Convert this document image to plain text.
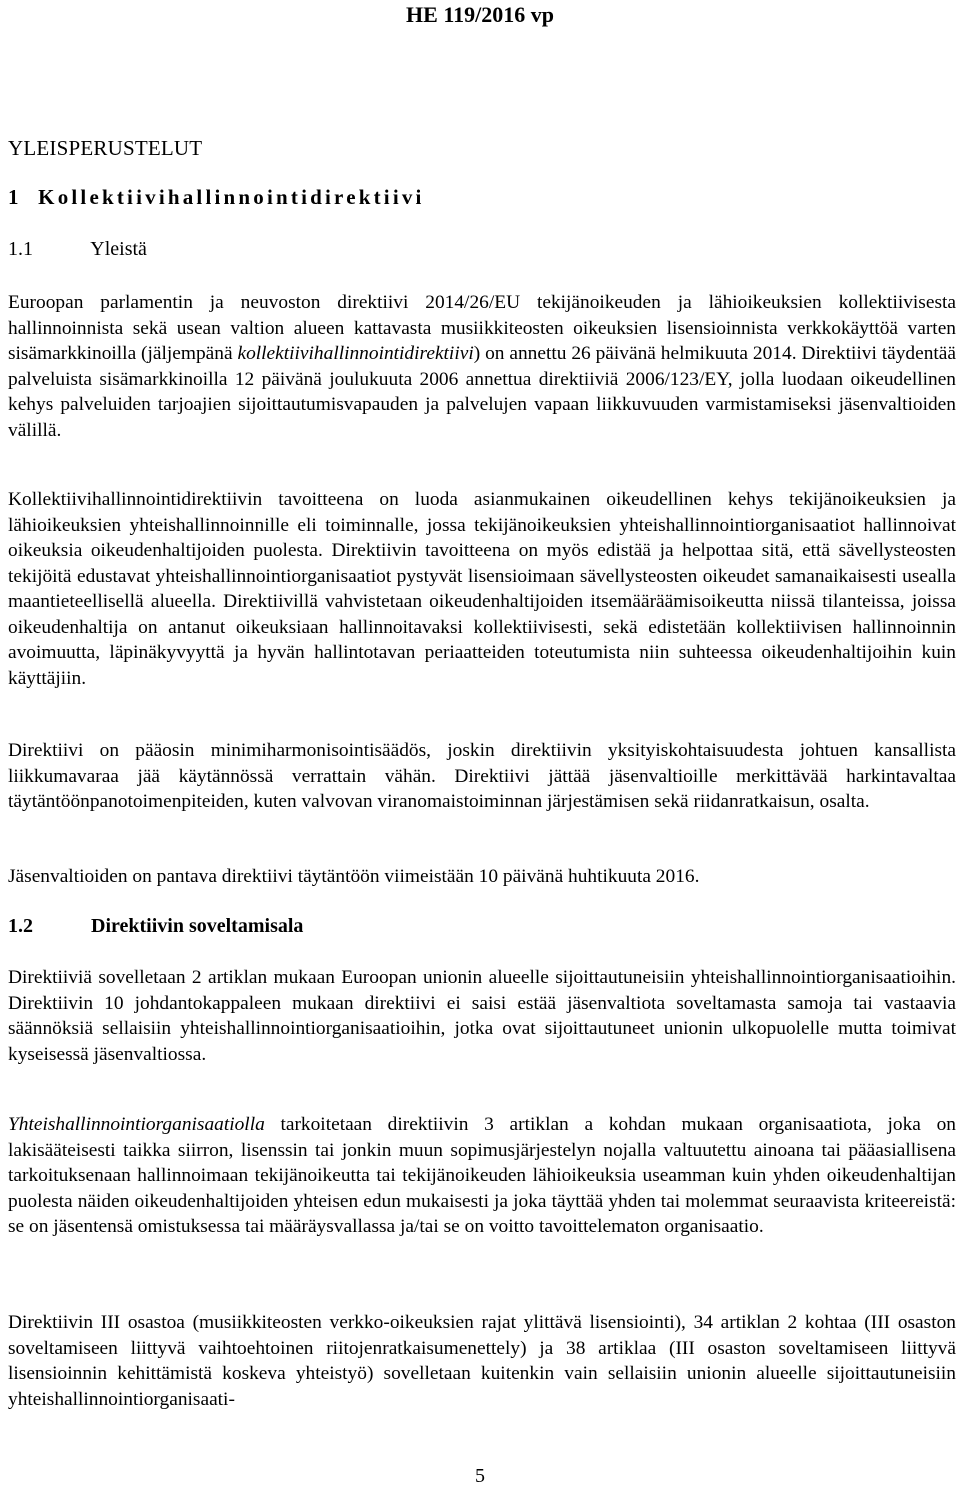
HE 119/2016 vp
YLEISPERUSTELUT
1 Kollektiivihallinnointidirektiivi
1.1	Yleistä

Euroopan parlamentin ja neuvoston direktiivi 2014/26/EU tekijänoikeuden ja lähioikeuksien kollektiivisesta hallinnoinnista sekä usean valtion alueen kattavasta musiikkiteosten oikeuksien lisensioinnista verkkokäyttöä varten sisämarkkinoilla (jäljempänä kollektiivihallinnointidirektiivi) on annettu 26 päivänä helmikuuta 2014. Direktiivi täydentää palveluista sisämarkkinoilla 12 päivänä joulukuuta 2006 annettua direktiiviä 2006/123/EY, jolla luodaan oikeudellinen kehys palveluiden tarjoajien sijoittautumisvapauden ja palvelujen vapaan liikkuvuuden varmistamiseksi jäsenvaltioiden välillä.

Kollektiivihallinnointidirektiivin tavoitteena on luoda asianmukainen oikeudellinen kehys tekijänoikeuksien ja lähioikeuksien yhteishallinnoinnille eli toiminnalle, jossa tekijänoikeuksien yhteishallinnointiorganisaatiot hallinnoivat oikeuksia oikeudenhaltijoiden puolesta. Direktiivin tavoitteena on myös edistää ja helpottaa sitä, että sävellysteosten tekijöitä edustavat yhteishallinnointiorganisaatiot pystyvät lisensioimaan sävellysteosten oikeudet samanaikaisesti usealla maantieteellisellä alueella. Direktiivillä vahvistetaan oikeudenhaltijoiden itsemääräämisoikeutta niissä tilanteissa, joissa oikeudenhaltija on antanut oikeuksiaan hallinnoitavaksi kollektiivisesti, sekä edistetään kollektiivisen hallinnoinnin avoimuutta, läpinäkyvyyttä ja hyvän hallintotavan periaatteiden toteutumista niin suhteessa oikeudenhaltijoihin kuin käyttäjiin.

Direktiivi on pääosin minimiharmonisointisäädös, joskin direktiivin yksityiskohtaisuudesta johtuen kansallista liikkumavaraa jää käytännössä verrattain vähän. Direktiivi jättää jäsenvaltioille merkittävää harkintavaltaa täytäntöönpanotoimenpiteiden, kuten valvovan viranomaistoiminnan järjestämisen sekä riidanratkaisun, osalta.

Jäsenvaltioiden on pantava direktiivi täytäntöön viimeistään 10 päivänä huhtikuuta 2016.

1.2	Direktiivin soveltamisala

Direktiiviä sovelletaan 2 artiklan mukaan Euroopan unionin alueelle sijoittautuneisiin yhteishallinnointiorganisaatioihin. Direktiivin 10 johdantokappaleen mukaan direktiivi ei saisi estää jäsenvaltiota soveltamasta samoja tai vastaavia säännöksiä sellaisiin yhteishallinnointiorganisaatioihin, jotka ovat sijoittautuneet unionin ulkopuolelle mutta toimivat kyseisessä jäsenvaltiossa.

Yhteishallinnointiorganisaatiolla tarkoitetaan direktiivin 3 artiklan a kohdan mukaan organisaatiota, joka on lakisääteisesti taikka siirron, lisenssin tai jonkin muun sopimusjärjestelyn nojalla valtuutettu ainoana tai pääasiallisena tarkoituksenaan hallinnoimaan tekijänoikeutta tai tekijänoikeuden lähioikeuksia useamman kuin yhden oikeudenhaltijan puolesta näiden oikeudenhaltijoiden yhteisen edun mukaisesti ja joka täyttää yhden tai molemmat seuraavista kriteereistä: se on jäsentensä omistuksessa tai määräysvallassa ja/tai se on voitto tavoittelematon organisaatio.

Direktiivin III osastoa (musiikkiteosten verkko-oikeuksien rajat ylittävä lisensiointi), 34 artiklan 2 kohtaa (III osaston soveltamiseen liittyvä vaihtoehtoinen riitojenratkaisumenettely) ja 38 artiklaa (III osaston soveltamiseen liittyvä lisensioinnin kehittämistä koskeva yhteistyö) sovelletaan kuitenkin vain sellaisiin unionin alueelle sijoittautuneisiin yhteishallinnointiorganisaati-

5
